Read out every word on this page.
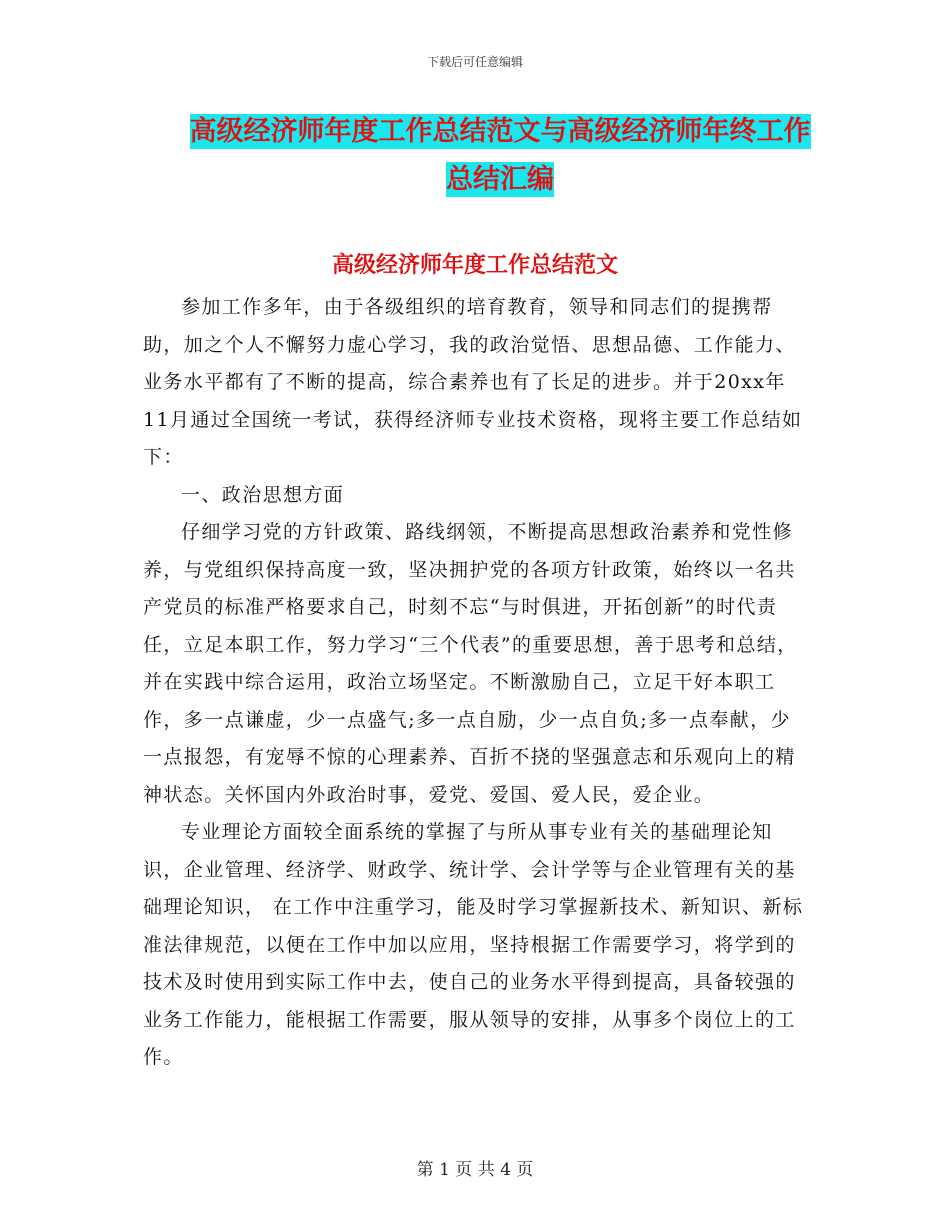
下载后可任意编辑
高级经济师年度工作总结范文与高级经济师年终工作
总结汇编
高级经济师年度工作总结范文

参加工作多年，由于各级组织的培育教育，领导和同志们的提携帮助，加之个人不懈努力虚心学习，我的政治觉悟、思想品德、工作能力、业务水平都有了不断的提高，综合素养也有了长足的进步。并于20xx年11月通过全国统一考试，获得经济师专业技术资格，现将主要工作总结如下：

一、政治思想方面

仔细学习党的方针政策、路线纲领，不断提高思想政治素养和党性修养，与党组织保持高度一致，坚决拥护党的各项方针政策，始终以一名共产党员的标准严格要求自己，时刻不忘“与时俱进，开拓创新”的时代责任，立足本职工作，努力学习“三个代表”的重要思想，善于思考和总结，并在实践中综合运用，政治立场坚定。不断激励自己，立足干好本职工作，多一点谦虚，少一点盛气;多一点自励，少一点自负;多一点奉献，少一点报怨，有宠辱不惊的心理素养、百折不挠的坚强意志和乐观向上的精神状态。关怀国内外政治时事，爱党、爱国、爱人民，爱企业。

专业理论方面较全面系统的掌握了与所从事专业有关的基础理论知识，企业管理、经济学、财政学、统计学、会计学等与企业管理有关的基础理论知识， 在工作中注重学习，能及时学习掌握新技术、新知识、新标准法律规范，以便在工作中加以应用，坚持根据工作需要学习，将学到的技术及时使用到实际工作中去，使自己的业务水平得到提高，具备较强的业务工作能力，能根据工作需要，服从领导的安排，从事多个岗位上的工作。

第 1 页 共 4 页
